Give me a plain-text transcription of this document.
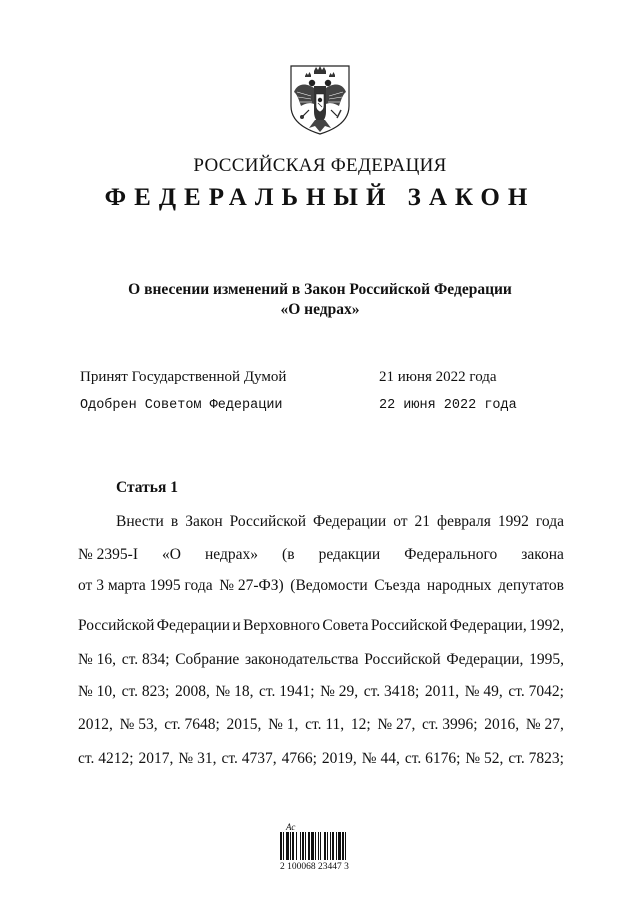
РОССИЙСКАЯ ФЕДЕРАЦИЯ
ФЕДЕРАЛЬНЫЙ ЗАКОН
О внесении изменений в Закон Российской Федерации
«О недрах»
Принят Государственной Думой	21 июня 2022 года
Одобрен Советом Федерации	22 июня 2022 года
Статья 1
Внести в Закон Российской Федерации от 21 февраля 1992 года
№ 2395-I «О недрах» (в редакции Федерального закона
от 3 марта 1995 года № 27-ФЗ) (Ведомости Съезда народных депутатов
Российской Федерации и Верховного Совета Российской Федерации, 1992,
№ 16, ст. 834; Собрание законодательства Российской Федерации, 1995,
№ 10, ст. 823; 2008, № 18, ст. 1941; № 29, ст. 3418; 2011, № 49, ст. 7042;
2012, № 53, ст. 7648; 2015, № 1, ст. 11, 12; № 27, ст. 3996; 2016, № 27,
ст. 4212; 2017, № 31, ст. 4737, 4766; 2019, № 44, ст. 6176; № 52, ст. 7823;
Ас
2 100068 23447 3
